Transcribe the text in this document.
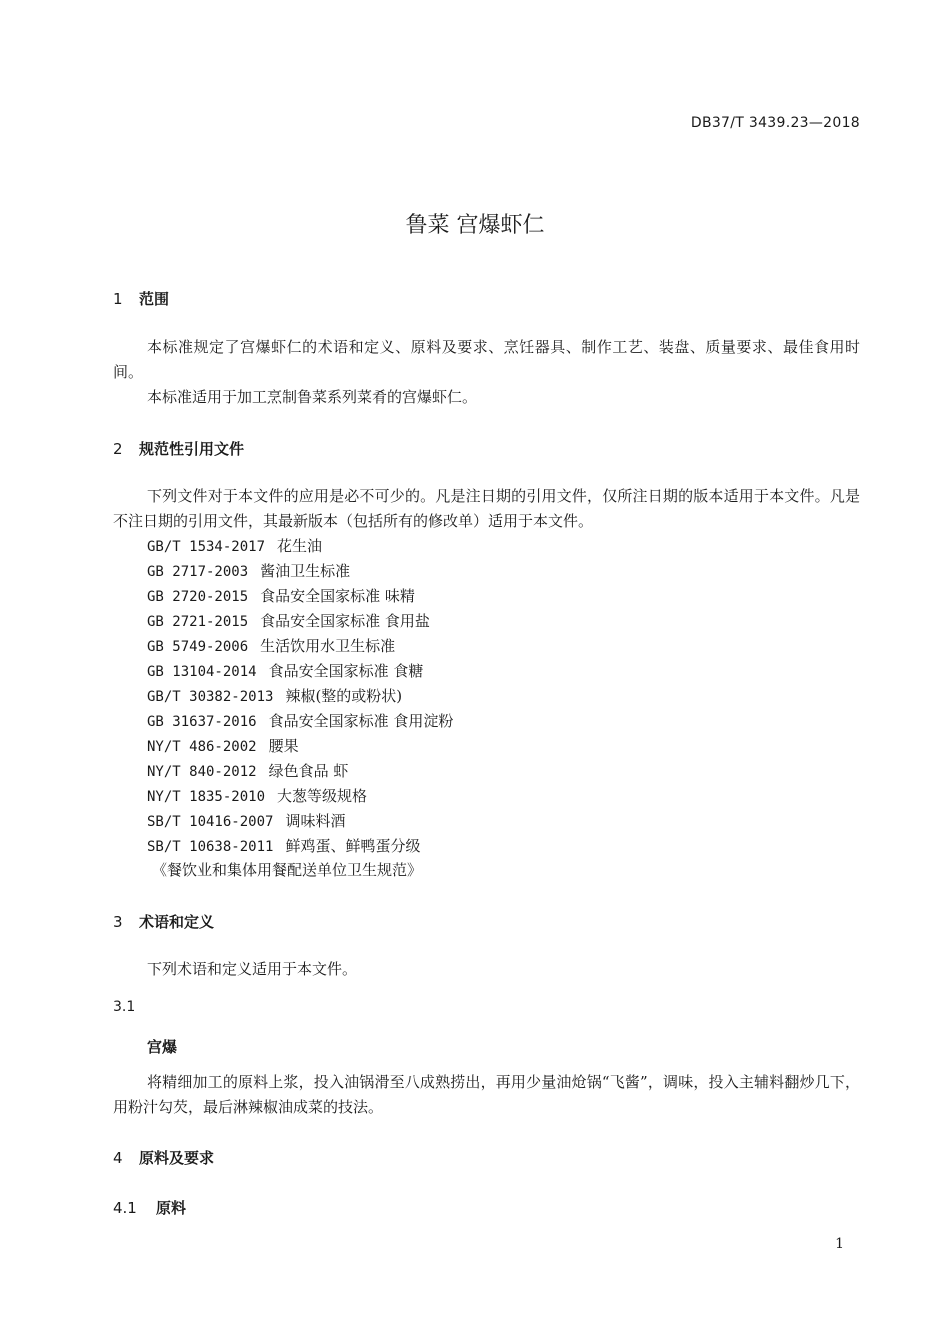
DB37/T 3439.23—2018
鲁菜 宫爆虾仁
1 范围
本标准规定了宫爆虾仁的术语和定义、原料及要求、烹饪器具、制作工艺、装盘、质量要求、最佳食用时间。
本标准适用于加工烹制鲁菜系列菜肴的宫爆虾仁。
2 规范性引用文件
下列文件对于本文件的应用是必不可少的。凡是注日期的引用文件，仅所注日期的版本适用于本文件。凡是不注日期的引用文件，其最新版本（包括所有的修改单）适用于本文件。
GB/T 1534-2017 花生油
GB 2717-2003 酱油卫生标准
GB 2720-2015 食品安全国家标准 味精
GB 2721-2015 食品安全国家标准 食用盐
GB 5749-2006 生活饮用水卫生标准
GB 13104-2014 食品安全国家标准 食糖
GB/T 30382-2013 辣椒(整的或粉状)
GB 31637-2016 食品安全国家标准 食用淀粉
NY/T 486-2002 腰果
NY/T 840-2012 绿色食品 虾
NY/T 1835-2010 大葱等级规格
SB/T 10416-2007 调味料酒
SB/T 10638-2011 鲜鸡蛋、鲜鸭蛋分级
《餐饮业和集体用餐配送单位卫生规范》
3 术语和定义
下列术语和定义适用于本文件。
3.1
宫爆
将精细加工的原料上浆，投入油锅滑至八成熟捞出，再用少量油炝锅“飞酱”，调味，投入主辅料翻炒几下，用粉汁勾芡，最后淋辣椒油成菜的技法。
4 原料及要求
4.1 原料
1
